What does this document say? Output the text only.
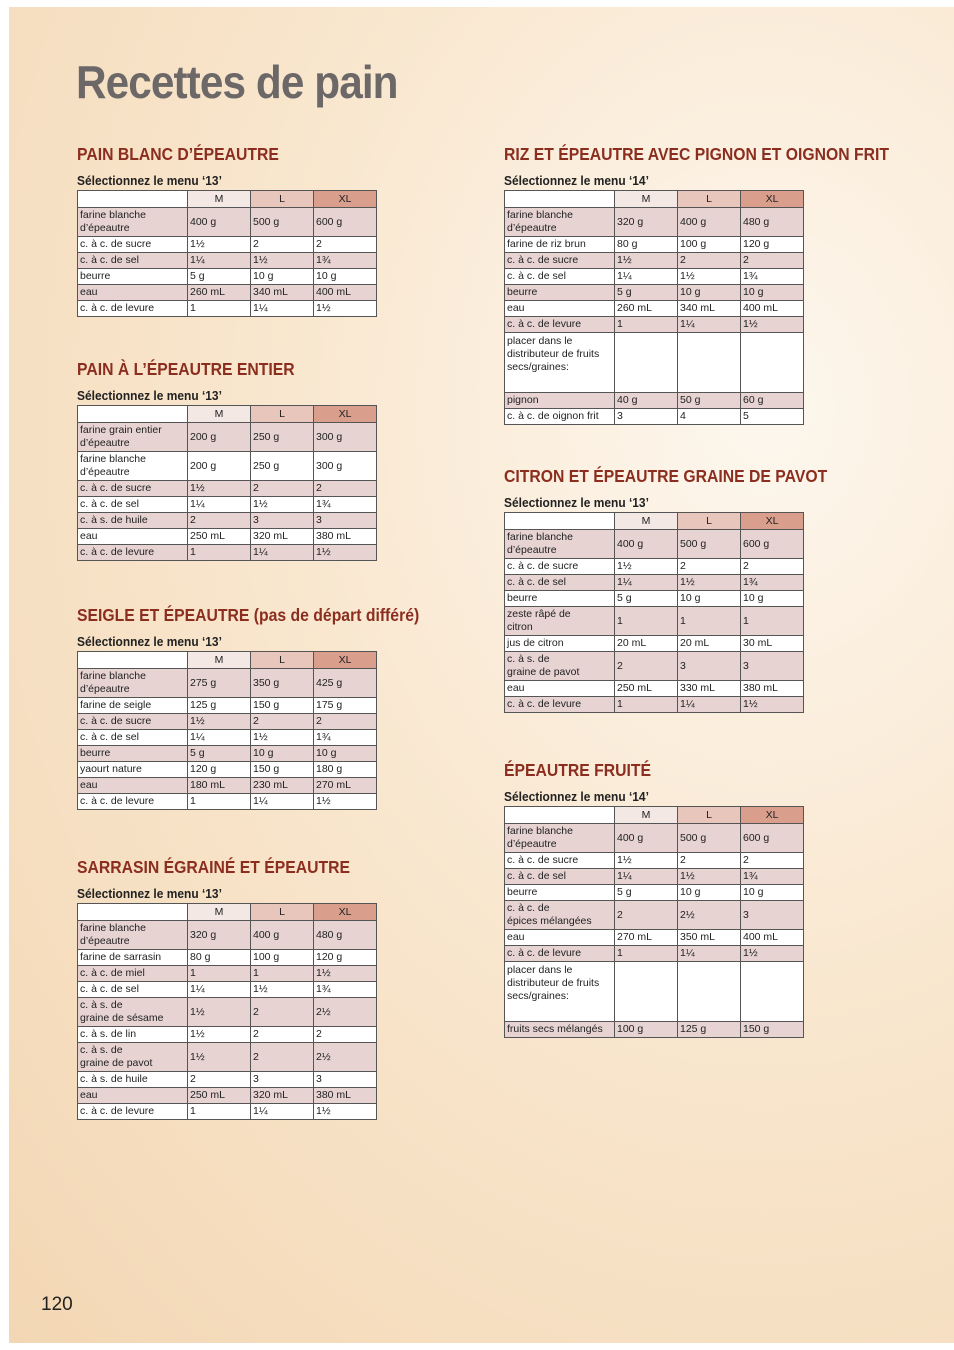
Recettes de pain
PAIN BLANC D’ÉPEAUTRE
Sélectionnez le menu ‘13’
	M	L	XL
farine blanche
d’épeautre	400 g	500 g	600 g
c. à c. de sucre	1½	2	2
c. à c. de sel	1¼	1½	1¾
beurre	5 g	10 g	10 g
eau	260 mL	340 mL	400 mL
c. à c. de levure	1	1¼	1½
PAIN À L’ÉPEAUTRE ENTIER
Sélectionnez le menu ‘13’
	M	L	XL
farine grain entier
d’épeautre	200 g	250 g	300 g
farine blanche
d’épeautre	200 g	250 g	300 g
c. à c. de sucre	1½	2	2
c. à c. de sel	1¼	1½	1¾
c. à s. de huile	2	3	3
eau	250 mL	320 mL	380 mL
c. à c. de levure	1	1¼	1½
SEIGLE ET ÉPEAUTRE (pas de départ différé)
Sélectionnez le menu ‘13’
	M	L	XL
farine blanche
d’épeautre	275 g	350 g	425 g
farine de seigle	125 g	150 g	175 g
c. à c. de sucre	1½	2	2
c. à c. de sel	1¼	1½	1¾
beurre	5 g	10 g	10 g
yaourt nature	120 g	150 g	180 g
eau	180 mL	230 mL	270 mL
c. à c. de levure	1	1¼	1½
SARRASIN ÉGRAINÉ ET ÉPEAUTRE
Sélectionnez le menu ‘13’
	M	L	XL
farine blanche
d’épeautre	320 g	400 g	480 g
farine de sarrasin	80 g	100 g	120 g
c. à c. de miel	1	1	1½
c. à c. de sel	1¼	1½	1¾
c. à s. de
graine de sésame	1½	2	2½
c. à s. de lin	1½	2	2
c. à s. de
graine de pavot	1½	2	2½
c. à s. de huile	2	3	3
eau	250 mL	320 mL	380 mL
c. à c. de levure	1	1¼	1½
RIZ ET ÉPEAUTRE AVEC PIGNON ET OIGNON FRIT
Sélectionnez le menu ‘14’
	M	L	XL
farine blanche
d’épeautre	320 g	400 g	480 g
farine de riz brun	80 g	100 g	120 g
c. à c. de sucre	1½	2	2
c. à c. de sel	1¼	1½	1¾
beurre	5 g	10 g	10 g
eau	260 mL	340 mL	400 mL
c. à c. de levure	1	1¼	1½
placer dans le
distributeur de fruits
secs/graines:			
pignon	40 g	50 g	60 g
c. à c. de oignon frit	3	4	5
CITRON ET ÉPEAUTRE GRAINE DE PAVOT
Sélectionnez le menu ‘13’
	M	L	XL
farine blanche
d’épeautre	400 g	500 g	600 g
c. à c. de sucre	1½	2	2
c. à c. de sel	1¼	1½	1¾
beurre	5 g	10 g	10 g
zeste râpé de
citron	1	1	1
jus de citron	20 mL	20 mL	30 mL
c. à s. de
graine de pavot	2	3	3
eau	250 mL	330 mL	380 mL
c. à c. de levure	1	1¼	1½
ÉPEAUTRE FRUITÉ
Sélectionnez le menu ‘14’
	M	L	XL
farine blanche
d’épeautre	400 g	500 g	600 g
c. à c. de sucre	1½	2	2
c. à c. de sel	1¼	1½	1¾
beurre	5 g	10 g	10 g
c. à c. de
épices mélangées	2	2½	3
eau	270 mL	350 mL	400 mL
c. à c. de levure	1	1¼	1½
placer dans le
distributeur de fruits
secs/graines:			
fruits secs mélangés	100 g	125 g	150 g
120
